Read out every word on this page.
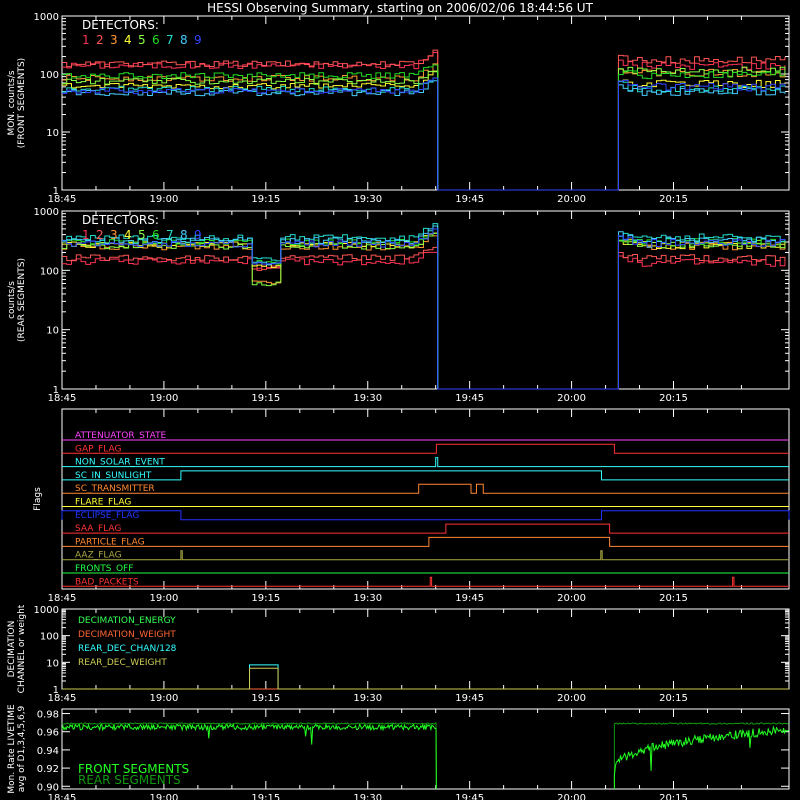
HESSI Observing Summary, starting on 2006/02/06 18:44:56 UT
18:45	19:00	19:15	19:30	19:45	20:00	20:15
MON. counts/s (FRONT SEGMENTS)
1
10
100
1000
DETECTORS:
1 2 3 4 5 6 7 8 9
18:45	19:00	19:15	19:30	19:45	20:00	20:15
counts/s (REAR SEGMENTS)
1
10
100
1000
DETECTORS:
1 2 3 4 5 6 7 8 9
18:45	19:00	19:15	19:30	19:45	20:00	20:15
Flags
ATTENUATOR_STATE
GAP_FLAG
NON_SOLAR_EVENT
SC_IN_SUNLIGHT
SC_TRANSMITTER
FLARE_FLAG
ECLIPSE_FLAG
SAA_FLAG
PARTICLE_FLAG
AAZ_FLAG
FRONTS_OFF
BAD_PACKETS
18:45	19:00	19:15	19:30	19:45	20:00	20:15
DECIMATION CHANNEL or weight	1
10
100
1000
DECIMATION_ENERGY
DECIMATION_WEIGHT
REAR_DEC_CHAN/128
REAR_DEC_WEIGHT
18:45	19:00	19:15	19:30	19:45	20:00	20:15
Mon. Rate LIVETIME avg of D1,3,4,5,6,9 0.90
0.92
0.94
0.96
0.98
FRONT SEGMENTS
REAR SEGMENTS
